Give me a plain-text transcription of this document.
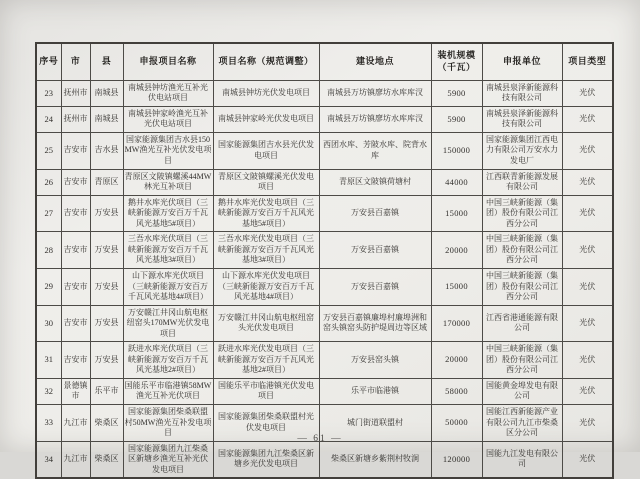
序号	市	县	申报项目名称	项目名称（规范调整）	建设地点	装机规模（千瓦）	申报单位	项目类型
23	抚州市	南城县	南城县钟坊渔光互补光伏电站项目	南城县钟坊光伏发电项目	南城县万坊镇廖坊水库库汊	5900	南城县泉泽新能源科技有限公司	光伏
24	抚州市	南城县	南城县钟家岭渔光互补光伏电站项目	南城县钟家岭光伏发电项目	南城县万坊镇廖坊水库库汊	5900	南城县泉泽新能源科技有限公司	光伏
25	吉安市	吉水县	国家能源集团吉水县150MW渔光互补光伏发电项目	国家能源集团吉水县光伏发电项目	西团水库、芳陂水库、院背水库	150000	国家能源集团江西电力有限公司万安水力发电厂	光伏
26	吉安市	青原区	青原区文陂镇螺溪44MW林光互补项目	青原区文陂镇螺溪光伏发电项目	青原区文陂镇荷塘村	44000	江西联青新能源发展有限公司	光伏
27	吉安市	万安县	鹅井水库光伏项目（三峡新能源万安百万千瓦风光基地5#项目）	鹅井水库光伏发电项目（三峡新能源万安百万千瓦风光基地5#项目）	万安县百嘉镇	15000	中国三峡新能源（集团）股份有限公司江西分公司	光伏
28	吉安市	万安县	三吾水库光伏项目（三峡新能源万安百万千瓦风光基地3#项目）	三吾水库光伏发电项目（三峡新能源万安百万千瓦风光基地3#项目）	万安县百嘉镇	20000	中国三峡新能源（集团）股份有限公司江西分公司	光伏
29	吉安市	万安县	山下源水库光伏项目（三峡新能源万安百万千瓦风光基地4#项目）	山下源水库光伏发电项目（三峡新能源万安百万千瓦风光基地4#项目）	万安县百嘉镇	15000	中国三峡新能源（集团）股份有限公司江西分公司	光伏
30	吉安市	万安县	万安赣江井冈山航电枢纽窑头170MW光伏发电项目	万安赣江井冈山航电枢纽窑头光伏发电项目	万安县百嘉镇廉埠村廉埠洲和窑头镇窑头防护堤周边等区域	170000	江西省港通能源有限公司	光伏
31	吉安市	万安县	跃进水库光伏项目（三峡新能源万安百万千瓦风光基地2#项目）	跃进水库光伏发电项目（三峡新能源万安百万千瓦风光基地2#项目）	万安县窑头镇	20000	中国三峡新能源（集团）股份有限公司江西分公司	光伏
32	景德镇市	乐平市	国能乐平市临港镇58MW渔光互补光伏项目	国能乐平市临港镇光伏发电项目	乐平市临港镇	58000	国能黄金埠发电有限公司	光伏
33	九江市	柴桑区	国家能源集团柴桑联盟村50MW渔光互补发电项目	国家能源集团柴桑联盟村光伏发电项目	城门街道联盟村	50000	国能江西新能源产业有限公司九江市柴桑区分公司	光伏
34	九江市	柴桑区	国家能源集团九江柴桑区新塘乡渔光互补光伏发电项目	国家能源集团九江柴桑区新塘乡光伏发电项目	柴桑区新塘乡紫荆村牧涧	120000	国能九江发电有限公司	光伏
— 61 —
